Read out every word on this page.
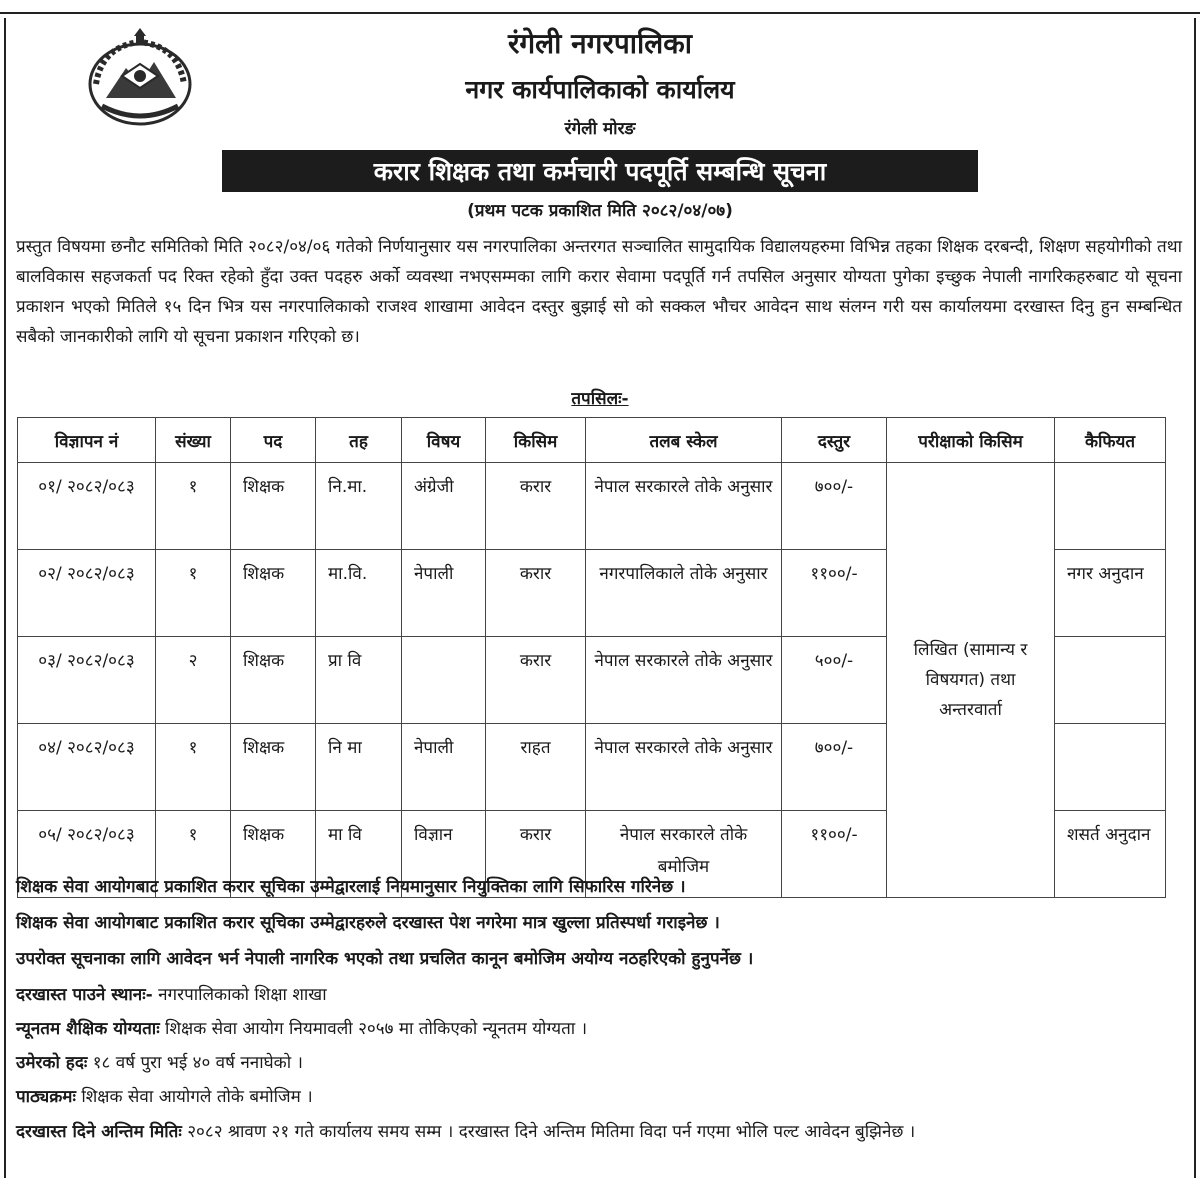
रंगेली नगरपालिका
नगर कार्यपालिकाको कार्यालय
रंगेली मोरङ
करार शिक्षक तथा कर्मचारी पदपूर्ति सम्बन्धि सूचना
(प्रथम पटक प्रकाशित मिति २०८२/०४/०७)

प्रस्तुत विषयमा छनौट समितिको मिति २०८२/०४/०६ गतेको निर्णयानुसार यस नगरपालिका अन्तरगत सञ्चालित सामुदायिक विद्यालयहरुमा विभिन्न तहका शिक्षक दरबन्दी, शिक्षण सहयोगीको तथा बालविकास सहजकर्ता पद रिक्त रहेको हुँदा उक्त पदहरु अर्को व्यवस्था नभएसम्मका लागि करार सेवामा पदपूर्ति गर्न तपसिल अनुसार योग्यता पुगेका इच्छुक नेपाली नागरिकहरुबाट यो सूचना प्रकाशन भएको मितिले १५ दिन भित्र यस नगरपालिकाको राजश्व शाखामा आवेदन दस्तुर बुझाई सो को सक्कल भौचर आवेदन साथ संलग्न गरी यस कार्यालयमा दरखास्त दिनु हुन सम्बन्धित सबैको जानकारीको लागि यो सूचना प्रकाशन गरिएको छ।

तपसिलः-
विज्ञापन नं	संख्या	पद	तह	विषय	किसिम	तलब स्केल	दस्तुर	परीक्षाको किसिम	कैफियत
०१/ २०८२/०८३	१	शिक्षक	नि.मा.	अंग्रेजी	करार	नेपाल सरकारले तोके अनुसार	७००/-	लिखित (सामान्य र विषयगत) तथा अन्तरवार्ता	
०२/ २०८२/०८३	१	शिक्षक	मा.वि.	नेपाली	करार	नगरपालिकाले तोके अनुसार	११००/-		नगर अनुदान
०३/ २०८२/०८३	२	शिक्षक	प्रा वि		करार	नेपाल सरकारले तोके अनुसार	५००/-		
०४/ २०८२/०८३	१	शिक्षक	नि मा	नेपाली	राहत	नेपाल सरकारले तोके अनुसार	७००/-		
०५/ २०८२/०८३	१	शिक्षक	मा वि	विज्ञान	करार	नेपाल सरकारले तोके बमोजिम	११००/-		शसर्त अनुदान
शिक्षक सेवा आयोगबाट प्रकाशित करार सूचिका उम्मेद्वारलाई नियमानुसार नियुक्तिका लागि सिफारिस गरिनेछ ।
शिक्षक सेवा आयोगबाट प्रकाशित करार सूचिका उम्मेद्वारहरुले दरखास्त पेश नगरेमा मात्र खुल्ला प्रतिस्पर्धा गराइनेछ ।
उपरोक्त सूचनाका लागि आवेदन भर्न नेपाली नागरिक भएको तथा प्रचलित कानून बमोजिम अयोग्य नठहरिएको हुनुपर्नेछ ।
दरखास्त पाउने स्थानः- नगरपालिकाको शिक्षा शाखा
न्यूनतम शैक्षिक योग्यताः शिक्षक सेवा आयोग नियमावली २०५७ मा तोकिएको न्यूनतम योग्यता ।
उमेरको हदः १८ वर्ष पुरा भई ४० वर्ष ननाघेको ।
पाठ्यक्रमः शिक्षक सेवा आयोगले तोके बमोजिम ।
दरखास्त दिने अन्तिम मितिः २०८२ श्रावण २१ गते कार्यालय समय सम्म । दरखास्त दिने अन्तिम मितिमा विदा पर्न गएमा भोलि पल्ट आवेदन बुझिनेछ ।
